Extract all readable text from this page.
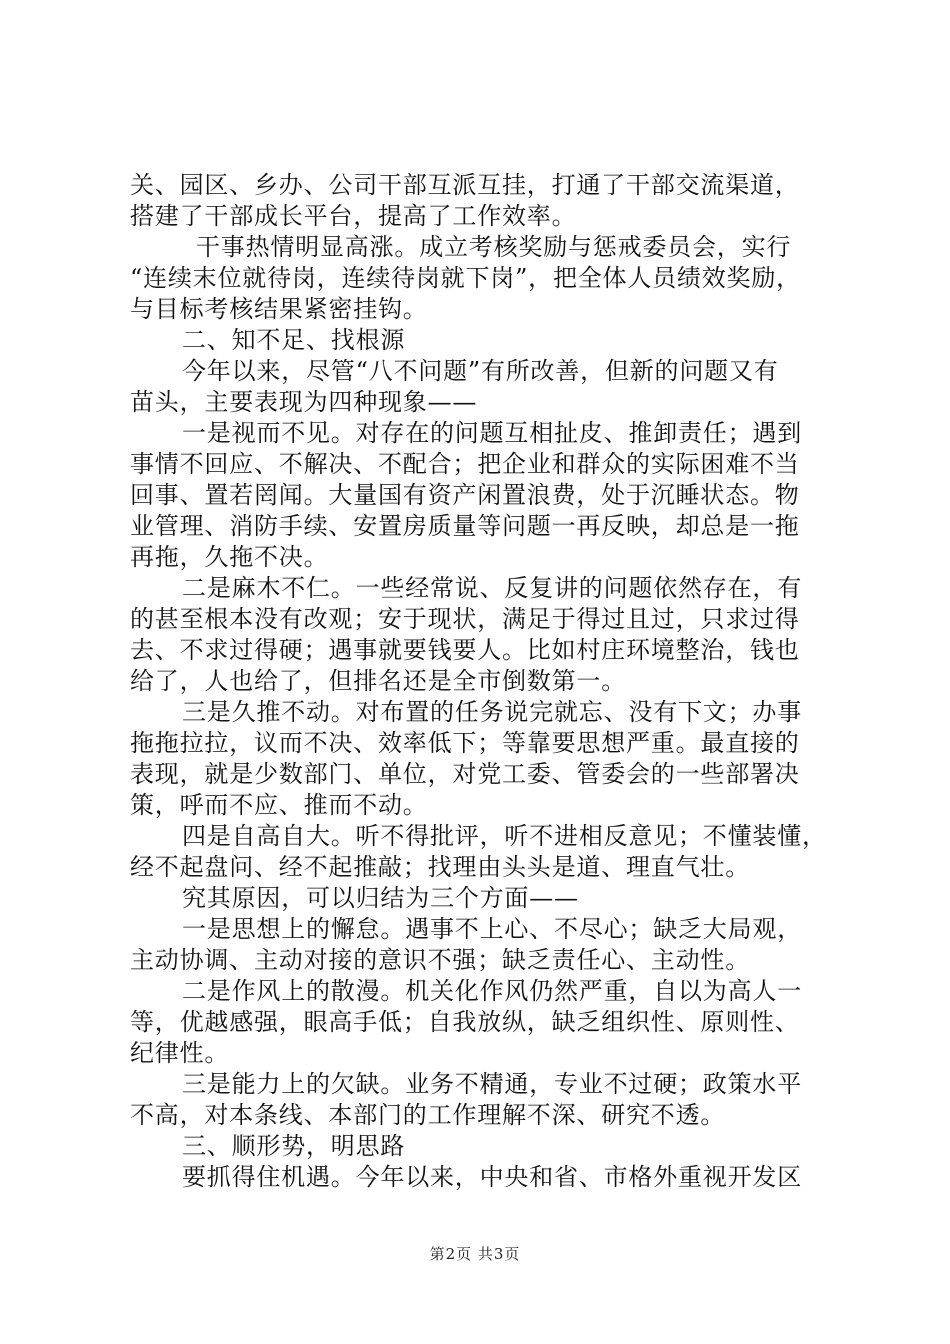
关、园区、乡办、公司干部互派互挂，打通了干部交流渠道，
搭建了干部成长平台，提高了工作效率。
干事热情明显高涨。成立考核奖励与惩戒委员会，实行
“连续末位就待岗，连续待岗就下岗”，把全体人员绩效奖励，
与目标考核结果紧密挂钩。
二、知不足、找根源
今年以来，尽管“八不问题”有所改善，但新的问题又有
苗头，主要表现为四种现象——
一是视而不见。对存在的问题互相扯皮、推卸责任；遇到
事情不回应、不解决、不配合；把企业和群众的实际困难不当
回事、置若罔闻。大量国有资产闲置浪费，处于沉睡状态。物
业管理、消防手续、安置房质量等问题一再反映，却总是一拖
再拖，久拖不决。
二是麻木不仁。一些经常说、反复讲的问题依然存在，有
的甚至根本没有改观；安于现状，满足于得过且过，只求过得
去、不求过得硬；遇事就要钱要人。比如村庄环境整治，钱也
给了，人也给了，但排名还是全市倒数第一。
三是久推不动。对布置的任务说完就忘、没有下文；办事
拖拖拉拉，议而不决、效率低下；等靠要思想严重。最直接的
表现，就是少数部门、单位，对党工委、管委会的一些部署决
策，呼而不应、推而不动。
四是自高自大。听不得批评，听不进相反意见；不懂装懂，
经不起盘问、经不起推敲；找理由头头是道、理直气壮。
究其原因，可以归结为三个方面——
一是思想上的懈怠。遇事不上心、不尽心；缺乏大局观，
主动协调、主动对接的意识不强；缺乏责任心、主动性。
二是作风上的散漫。机关化作风仍然严重，自以为高人一
等，优越感强，眼高手低；自我放纵，缺乏组织性、原则性、
纪律性。
三是能力上的欠缺。业务不精通，专业不过硬；政策水平
不高，对本条线、本部门的工作理解不深、研究不透。
三、顺形势，明思路
要抓得住机遇。今年以来，中央和省、市格外重视开发区
第2页 共3页
